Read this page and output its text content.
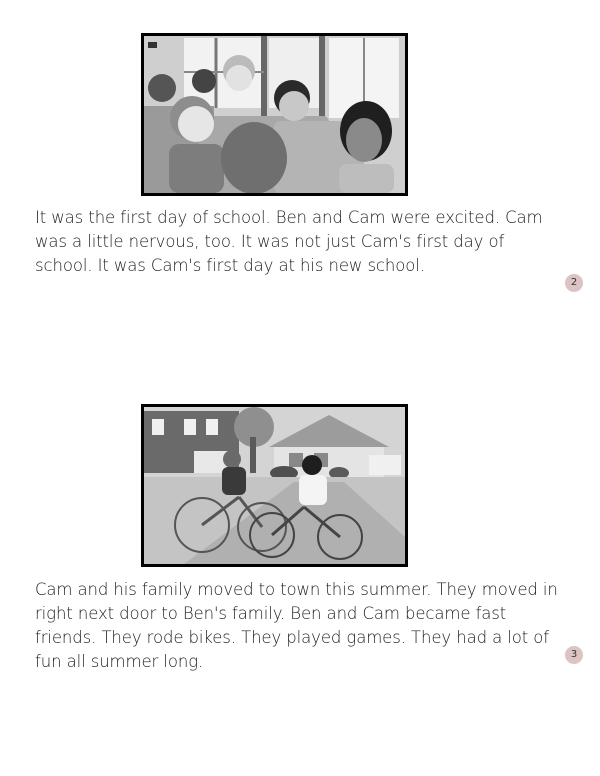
It was the first day of school. Ben and Cam were excited. Cam was a little nervous, too. It was not just Cam's first day of school. It was Cam's first day at his new school.

2

Cam and his family moved to town this summer. They moved in right next door to Ben's family. Ben and Cam became fast friends. They rode bikes. They played games. They had a lot of fun all summer long.	3
